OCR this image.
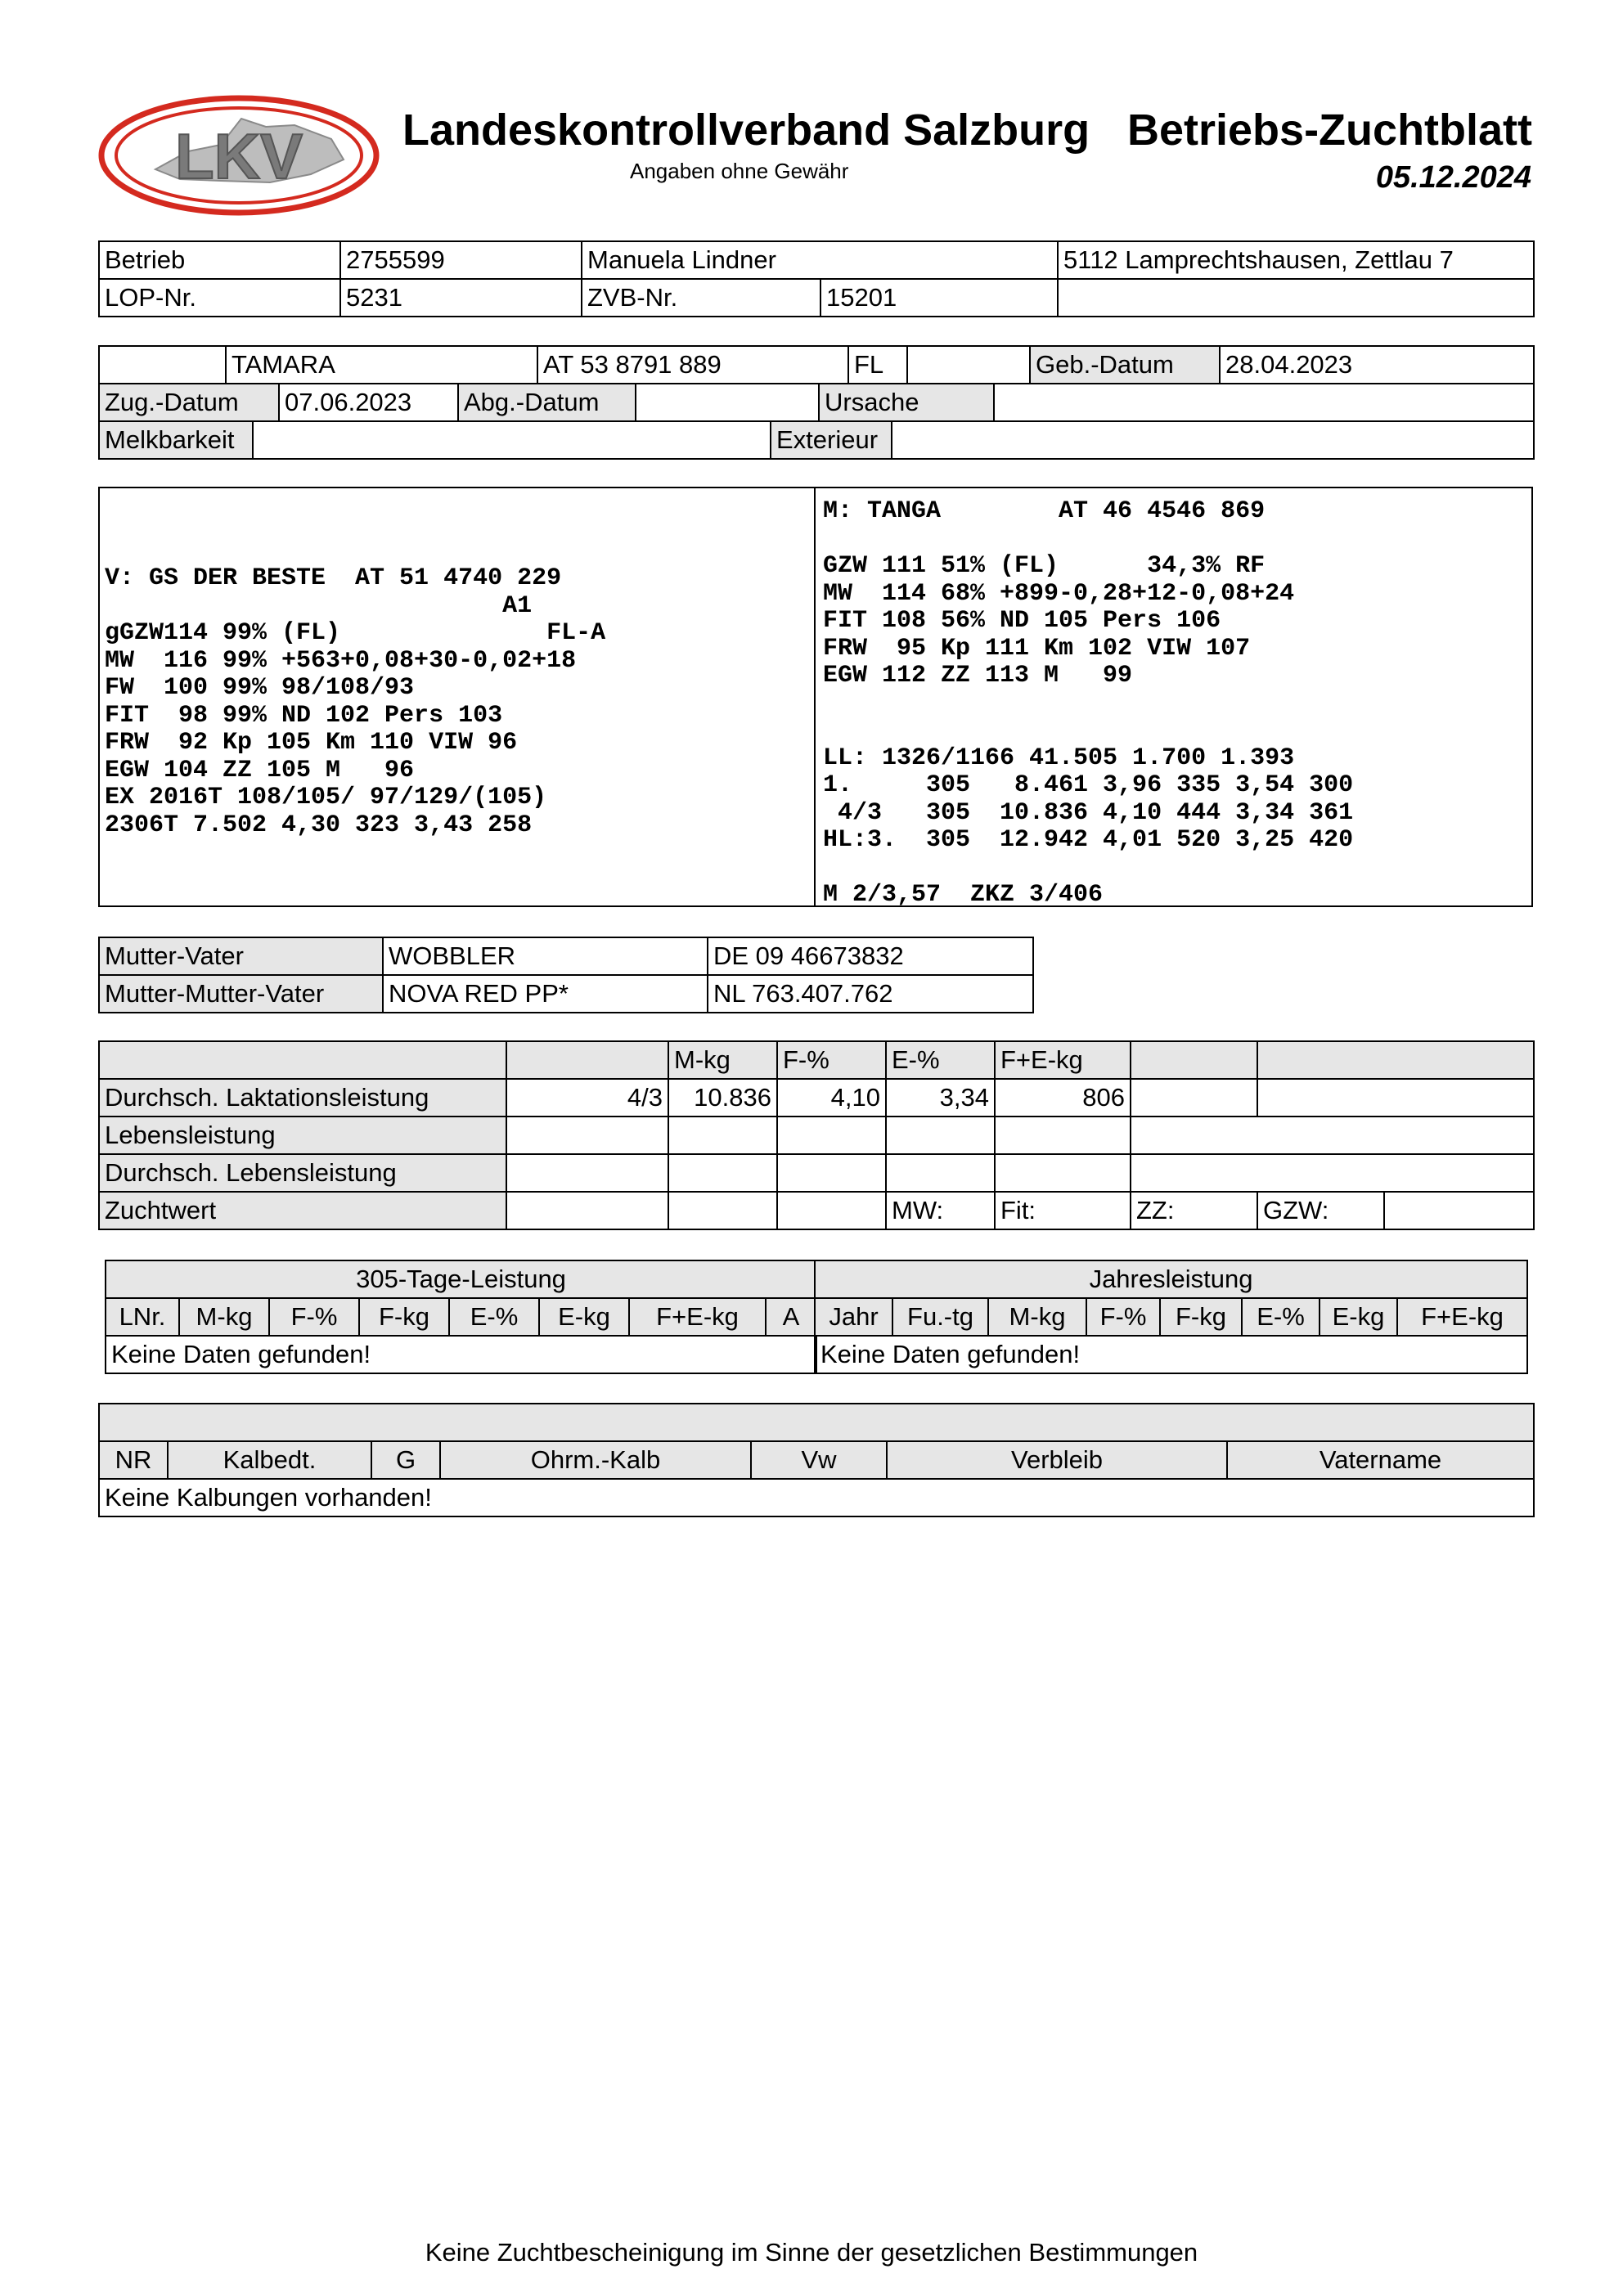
LKV Landeskontrollverband Salzburg Betriebs-Zuchtblatt
Angaben ohne Gewähr	05.12.2024
Betrieb	2755599	Manuela Lindner		5112 Lamprechtshausen, Zettlau 7
LOP-Nr.	5231	ZVB-Nr.	15201	
	TAMARA	AT 53 8791 889	FL		Geb.-Datum	28.04.2023
Zug.-Datum	07.06.2023	Abg.-Datum		Ursache	
Melkbarkeit		Exterieur	
V: GS DER BESTE  AT 51 4740 229
A1
gGZW114 99% (FL)              FL-A
MW  116 99% +563+0,08+30-0,02+18
FW  100 99% 98/108/93
FIT  98 99% ND 102 Pers 103
FRW  92 Kp 105 Km 110 VIW 96
EGW 104 ZZ 105 M   96
EX 2016T 108/105/ 97/129/(105)
2306T 7.502 4,30 323 3,43 258
M: TANGA        AT 46 4546 869

GZW 111 51% (FL)      34,3% RF
MW  114 68% +899-0,28+12-0,08+24
FIT 108 56% ND 105 Pers 106
FRW  95 Kp 111 Km 102 VIW 107
EGW 112 ZZ 113 M   99

LL: 1326/1166 41.505 1.700 1.393
1.     305   8.461 3,96 335 3,54 300
4/3   305  10.836 4,10 444 3,34 361
HL:3.  305  12.942 4,01 520 3,25 420

M 2/3,57  ZKZ 3/406
Mutter-Vater	WOBBLER	DE 09 46673832
Mutter-Mutter-Vater	NOVA RED PP*	NL 763.407.762
		M-kg	F-%	E-%	F+E-kg			
Durchsch. Laktationsleistung	4/3	10.836	4,10	3,34	806			
Lebensleistung								
Durchsch. Lebensleistung								
Zuchtwert				MW:	Fit:	ZZ:	GZW:	
305-Tage-Leistung
LNr.	M-kg	F-%	F-kg	E-%	E-kg	F+E-kg	A
Keine Daten gefunden!
Jahresleistung
Jahr	Fu.-tg	M-kg	F-%	F-kg	E-%	E-kg	F+E-kg
Keine Daten gefunden!

NR	Kalbedt.	G	Ohrm.-Kalb	Vw	Verbleib	Vatername
Keine Kalbungen vorhanden!
Keine Zuchtbescheinigung im Sinne der gesetzlichen Bestimmungen
